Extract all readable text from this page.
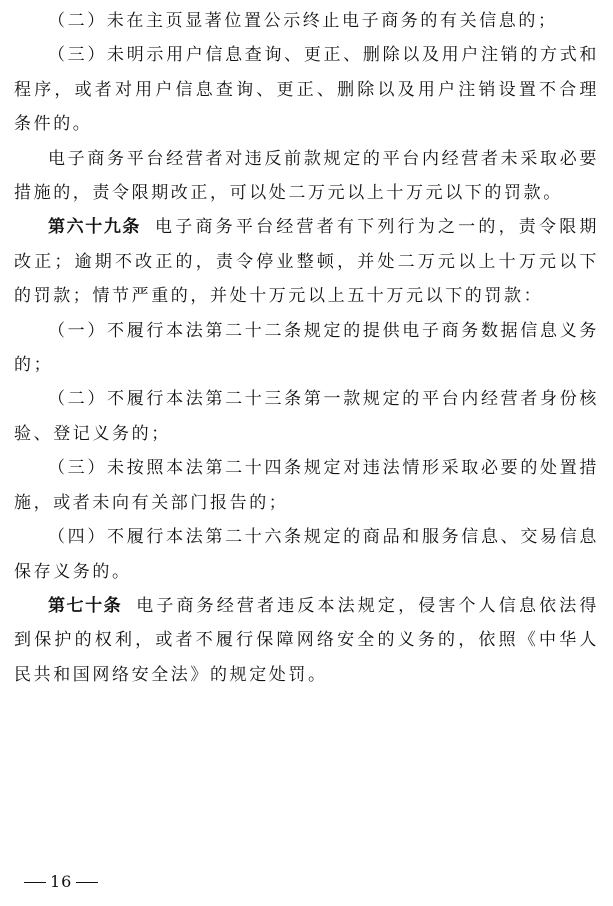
（二）未在主页显著位置公示终止电子商务的有关信息的；

（三）未明示用户信息查询、更正、删除以及用户注销的方式和程序，或者对用户信息查询、更正、删除以及用户注销设置不合理条件的。

电子商务平台经营者对违反前款规定的平台内经营者未采取必要措施的，责令限期改正，可以处二万元以上十万元以下的罚款。

第六十九条 电子商务平台经营者有下列行为之一的，责令限期改正；逾期不改正的，责令停业整顿，并处二万元以上十万元以下的罚款；情节严重的，并处十万元以上五十万元以下的罚款：

（一）不履行本法第二十二条规定的提供电子商务数据信息义务的；

（二）不履行本法第二十三条第一款规定的平台内经营者身份核验、登记义务的；

（三）未按照本法第二十四条规定对违法情形采取必要的处置措施，或者未向有关部门报告的；

（四）不履行本法第二十六条规定的商品和服务信息、交易信息保存义务的。

第七十条 电子商务经营者违反本法规定，侵害个人信息依法得到保护的权利，或者不履行保障网络安全的义务的，依照《中华人民共和国网络安全法》的规定处罚。

16
